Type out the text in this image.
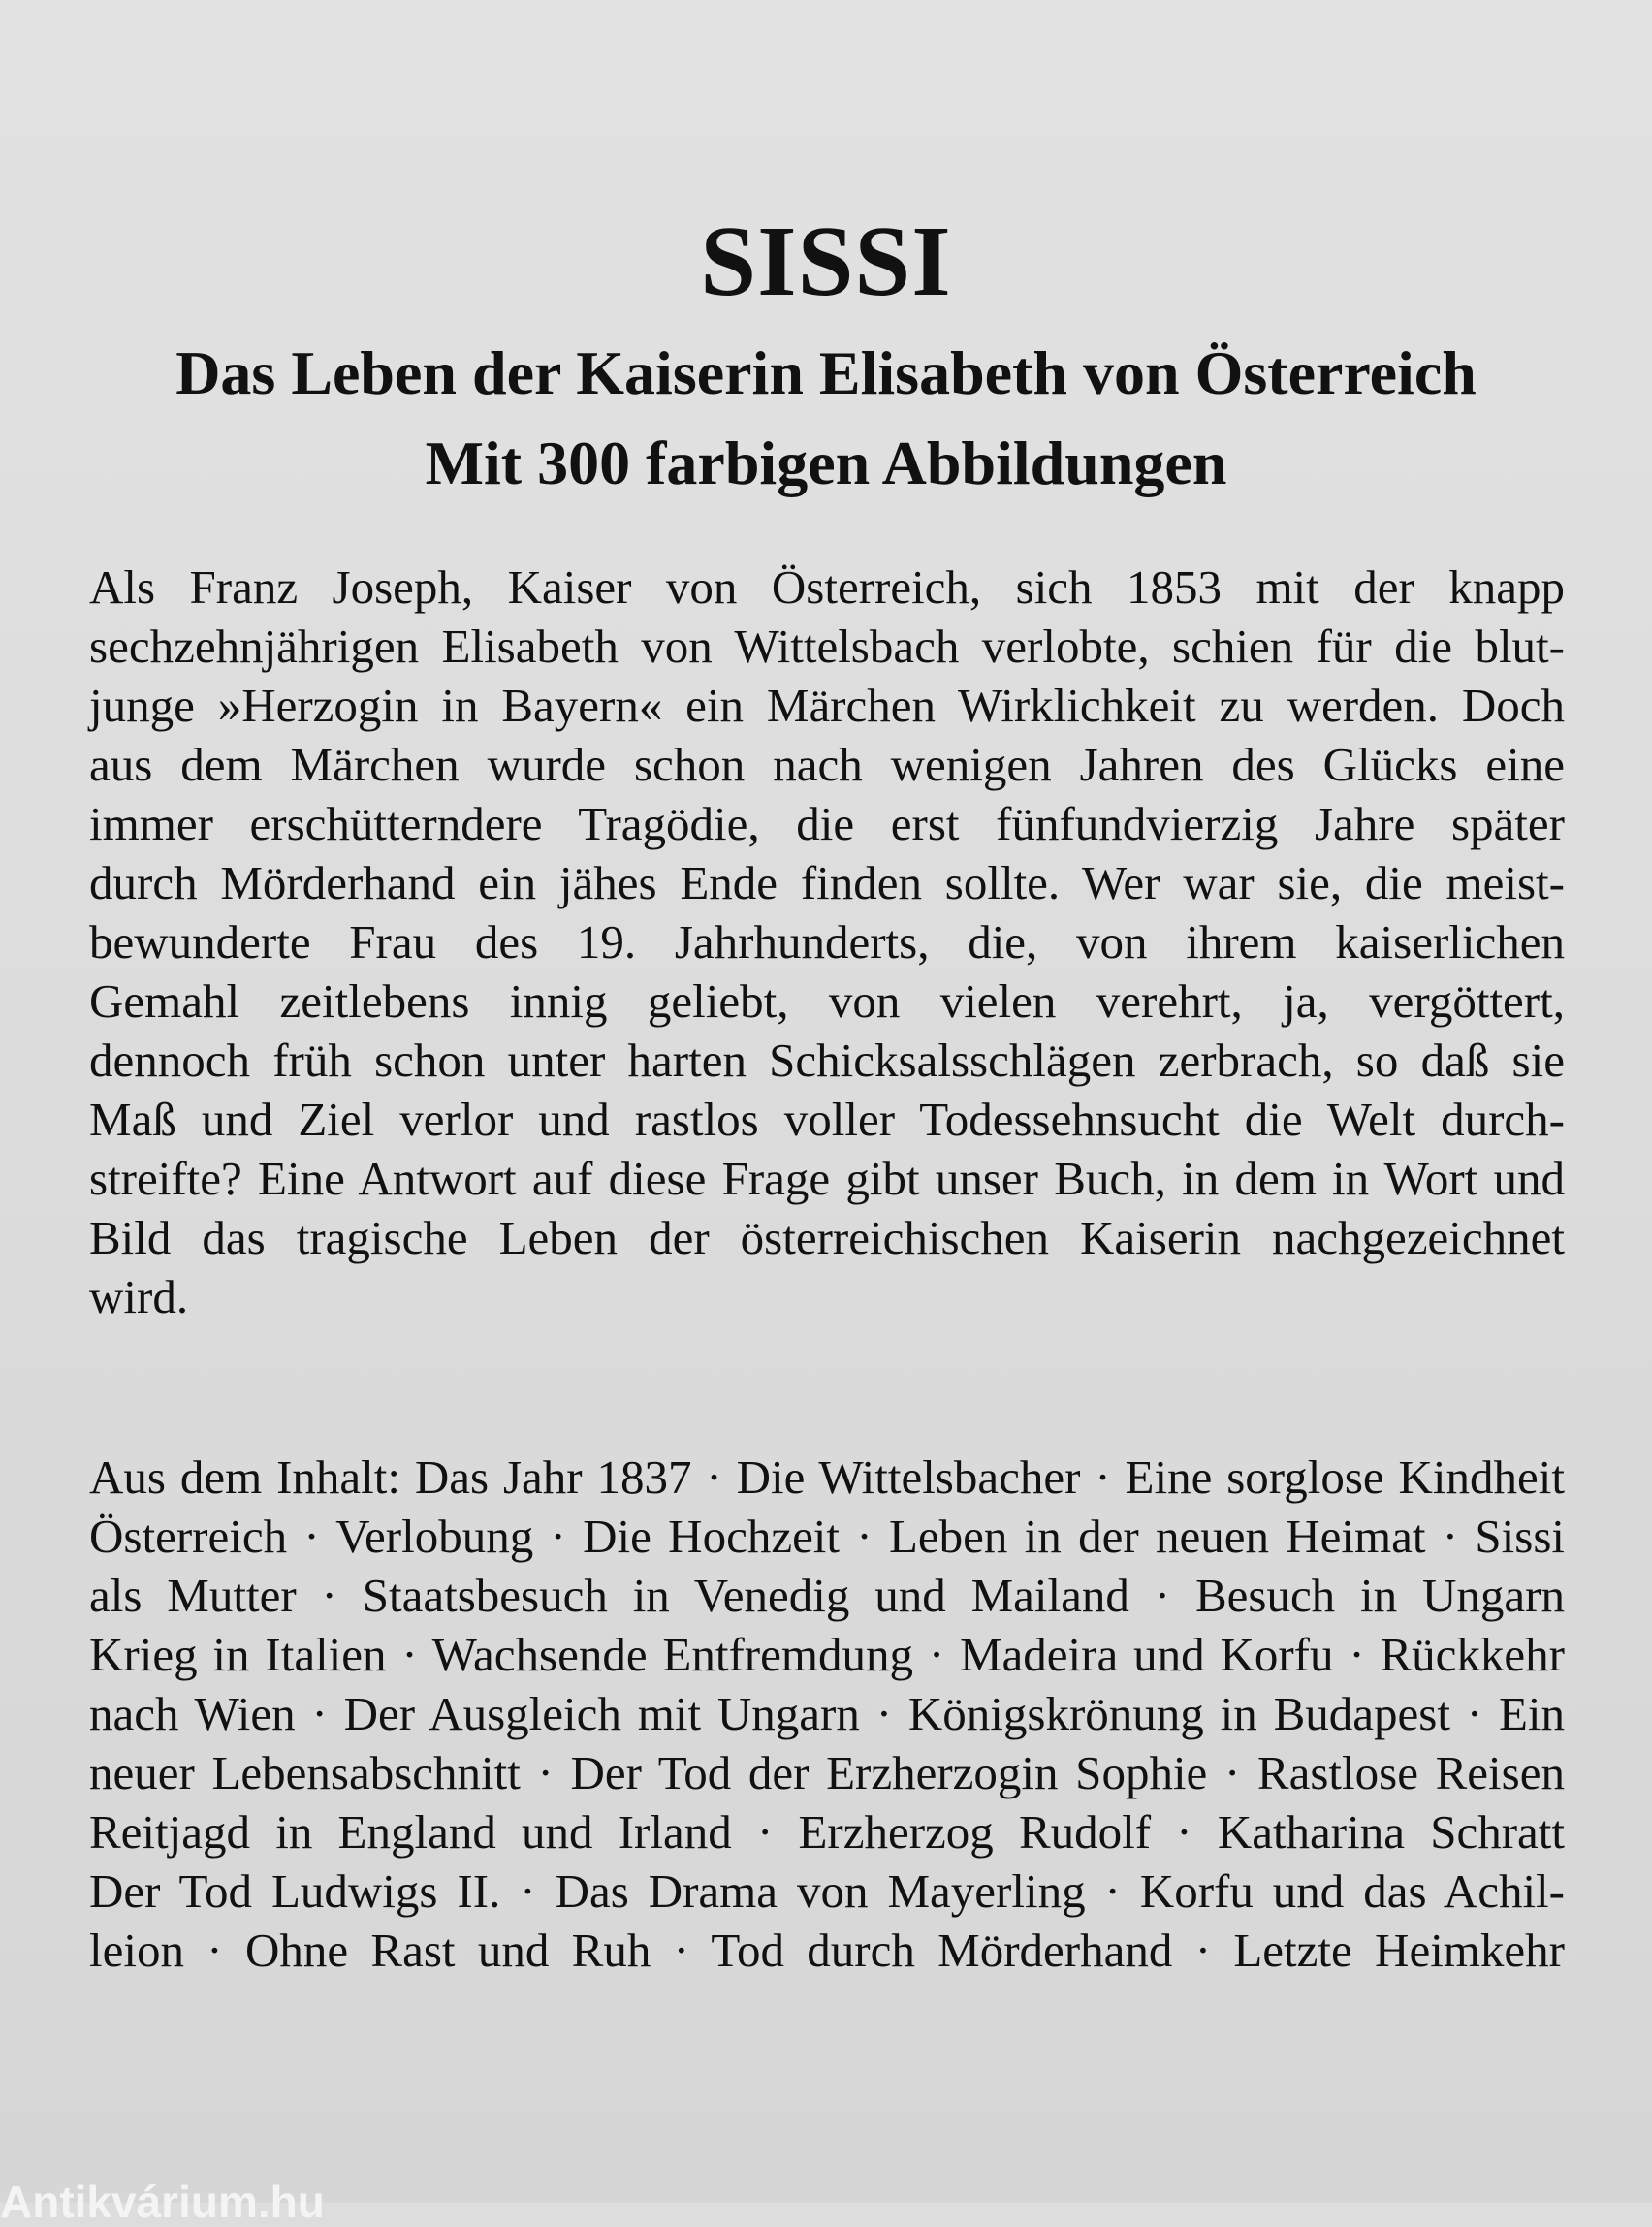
SISSI
Das Leben der Kaiserin Elisabeth von Österreich
Mit 300 farbigen Abbildungen
Als Franz Joseph, Kaiser von Österreich, sich 1853 mit der knapp
sechzehnjährigen Elisabeth von Wittelsbach verlobte, schien für die blut-
junge »Herzogin in Bayern« ein Märchen Wirklichkeit zu werden. Doch
aus dem Märchen wurde schon nach wenigen Jahren des Glücks eine
immer erschütterndere Tragödie, die erst fünfundvierzig Jahre später
durch Mörderhand ein jähes Ende finden sollte. Wer war sie, die meist-
bewunderte Frau des 19. Jahrhunderts, die, von ihrem kaiserlichen
Gemahl zeitlebens innig geliebt, von vielen verehrt, ja, vergöttert,
dennoch früh schon unter harten Schicksalsschlägen zerbrach, so daß sie
Maß und Ziel verlor und rastlos voller Todessehnsucht die Welt durch-
streifte? Eine Antwort auf diese Frage gibt unser Buch, in dem in Wort und
Bild das tragische Leben der österreichischen Kaiserin nachgezeichnet
wird.
Aus dem Inhalt: Das Jahr 1837 · Die Wittelsbacher · Eine sorglose Kindheit
Österreich · Verlobung · Die Hochzeit · Leben in der neuen Heimat · Sissi
als Mutter · Staatsbesuch in Venedig und Mailand · Besuch in Ungarn
Krieg in Italien · Wachsende Entfremdung · Madeira und Korfu · Rückkehr
nach Wien · Der Ausgleich mit Ungarn · Königskrönung in Budapest · Ein
neuer Lebensabschnitt · Der Tod der Erzherzogin Sophie · Rastlose Reisen
Reitjagd in England und Irland · Erzherzog Rudolf · Katharina Schratt
Der Tod Ludwigs II. · Das Drama von Mayerling · Korfu und das Achil-
leion · Ohne Rast und Ruh · Tod durch Mörderhand · Letzte Heimkehr
Antikvárium.hu
